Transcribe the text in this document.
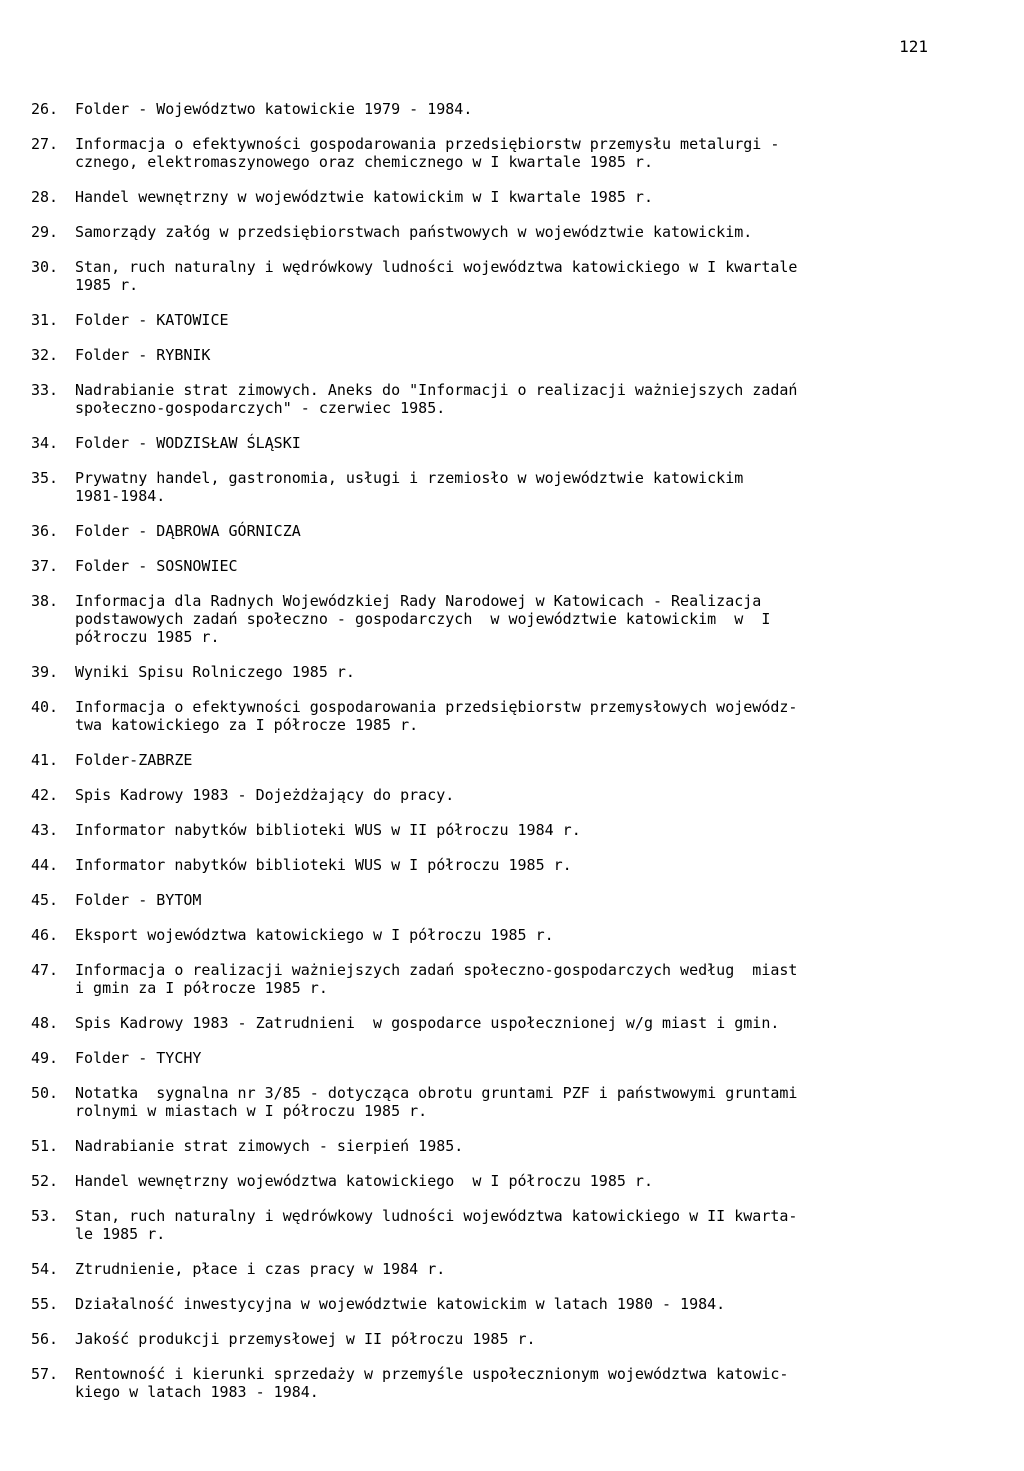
121
26.	Folder - Województwo katowickie 1979 - 1984.
27.	Informacja o efektywności gospodarowania przedsiębiorstw przemysłu metalurgi -
cznego, elektromaszynowego oraz chemicznego w I kwartale 1985 r.
28.	Handel wewnętrzny w województwie katowickim w I kwartale 1985 r.
29.	Samorządy załóg w przedsiębiorstwach państwowych w województwie katowickim.
30.	Stan, ruch naturalny i wędrówkowy ludności województwa katowickiego w I kwartale
1985 r.
31.	Folder - KATOWICE
32.	Folder - RYBNIK
33.	Nadrabianie strat zimowych. Aneks do "Informacji o realizacji ważniejszych zadań
społeczno-gospodarczych" - czerwiec 1985.
34.	Folder - WODZISŁAW ŚLĄSKI
35.	Prywatny handel, gastronomia, usługi i rzemiosło w województwie katowickim
1981-1984.
36.	Folder - DĄBROWA GÓRNICZA
37.	Folder - SOSNOWIEC
38.	Informacja dla Radnych Wojewódzkiej Rady Narodowej w Katowicach - Realizacja
podstawowych zadań społeczno - gospodarczych  w województwie katowickim  w  I
półroczu 1985 r.
39.	Wyniki Spisu Rolniczego 1985 r.
40.	Informacja o efektywności gospodarowania przedsiębiorstw przemysłowych wojewódz-
twa katowickiego za I półrocze 1985 r.
41.	Folder-ZABRZE
42.	Spis Kadrowy 1983 - Dojeżdżający do pracy.
43.	Informator nabytków biblioteki WUS w II półroczu 1984 r.
44.	Informator nabytków biblioteki WUS w I półroczu 1985 r.
45.	Folder - BYTOM
46.	Eksport województwa katowickiego w I półroczu 1985 r.
47.	Informacja o realizacji ważniejszych zadań społeczno-gospodarczych według  miast
i gmin za I półrocze 1985 r.
48.	Spis Kadrowy 1983 - Zatrudnieni  w gospodarce uspołecznionej w/g miast i gmin.
49.	Folder - TYCHY
50.	Notatka  sygnalna nr 3/85 - dotycząca obrotu gruntami PZF i państwowymi gruntami
rolnymi w miastach w I półroczu 1985 r.
51.	Nadrabianie strat zimowych - sierpień 1985.
52.	Handel wewnętrzny województwa katowickiego  w I półroczu 1985 r.
53.	Stan, ruch naturalny i wędrówkowy ludności województwa katowickiego w II kwarta-
le 1985 r.
54.	Ztrudnienie, płace i czas pracy w 1984 r.
55.	Działalność inwestycyjna w województwie katowickim w latach 1980 - 1984.
56.	Jakość produkcji przemysłowej w II półroczu 1985 r.
57.	Rentowność i kierunki sprzedaży w przemyśle uspołecznionym województwa katowic-
kiego w latach 1983 - 1984.
